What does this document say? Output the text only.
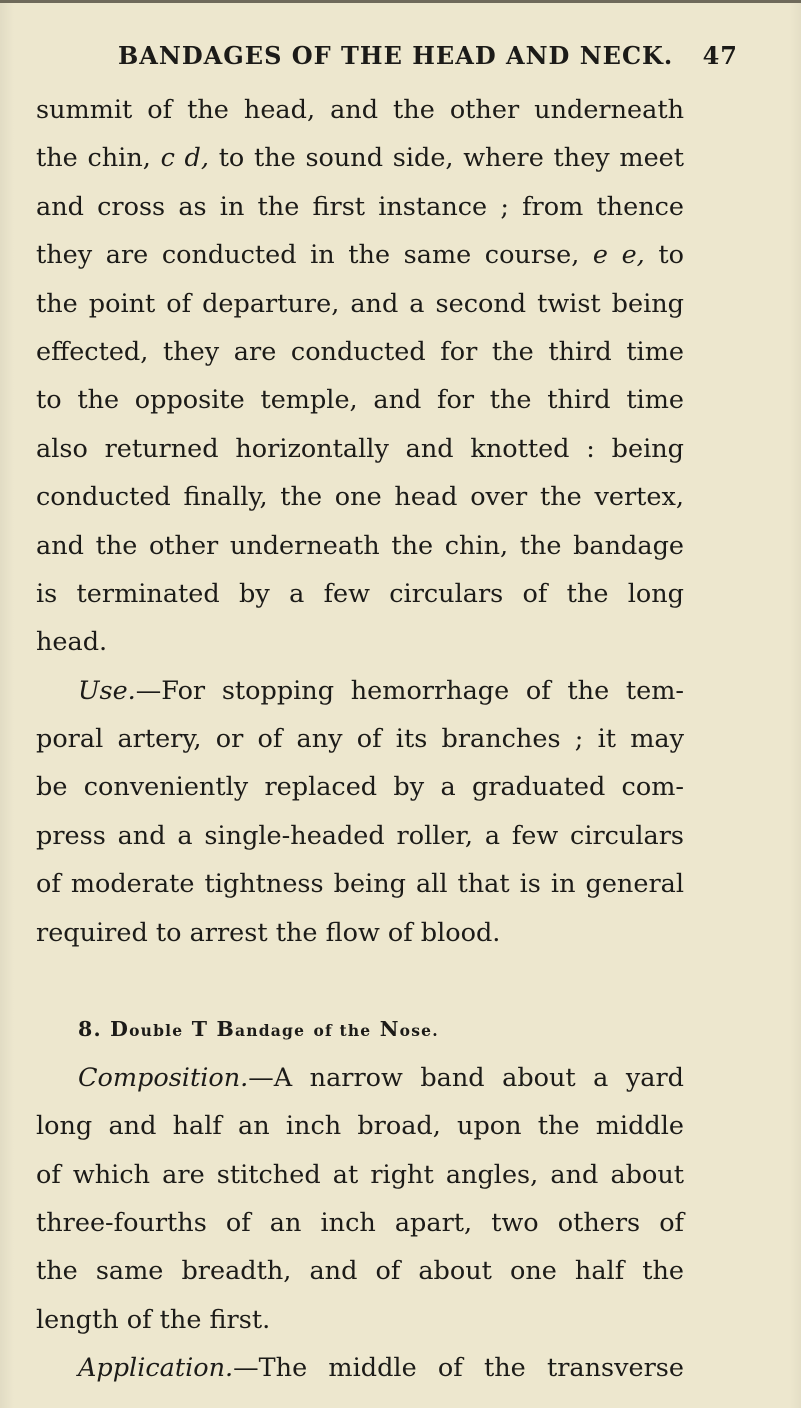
BANDAGES OF THE HEAD AND NECK. 47
summit of the head, and the other underneath
the chin, c d, to the sound side, where they meet
and cross as in the first instance ; from thence
they are conducted in the same course, e e, to
the point of departure, and a second twist being
effected, they are conducted for the third time
to the opposite temple, and for the third time
also returned horizontally and knotted : being
conducted finally, the one head over the vertex,
and the other underneath the chin, the bandage
is terminated by a few circulars of the long
head.
Use.—For stopping hemorrhage of the tem-
poral artery, or of any of its branches ; it may
be conveniently replaced by a graduated com-
press and a single-headed roller, a few circulars
of moderate tightness being all that is in general
required to arrest the flow of blood.
8. Double T Bandage of the Nose.
Composition.—A narrow band about a yard
long and half an inch broad, upon the middle
of which are stitched at right angles, and about
three-fourths of an inch apart, two others of
the same breadth, and of about one half the
length of the first.
Application.—The middle of the transverse
